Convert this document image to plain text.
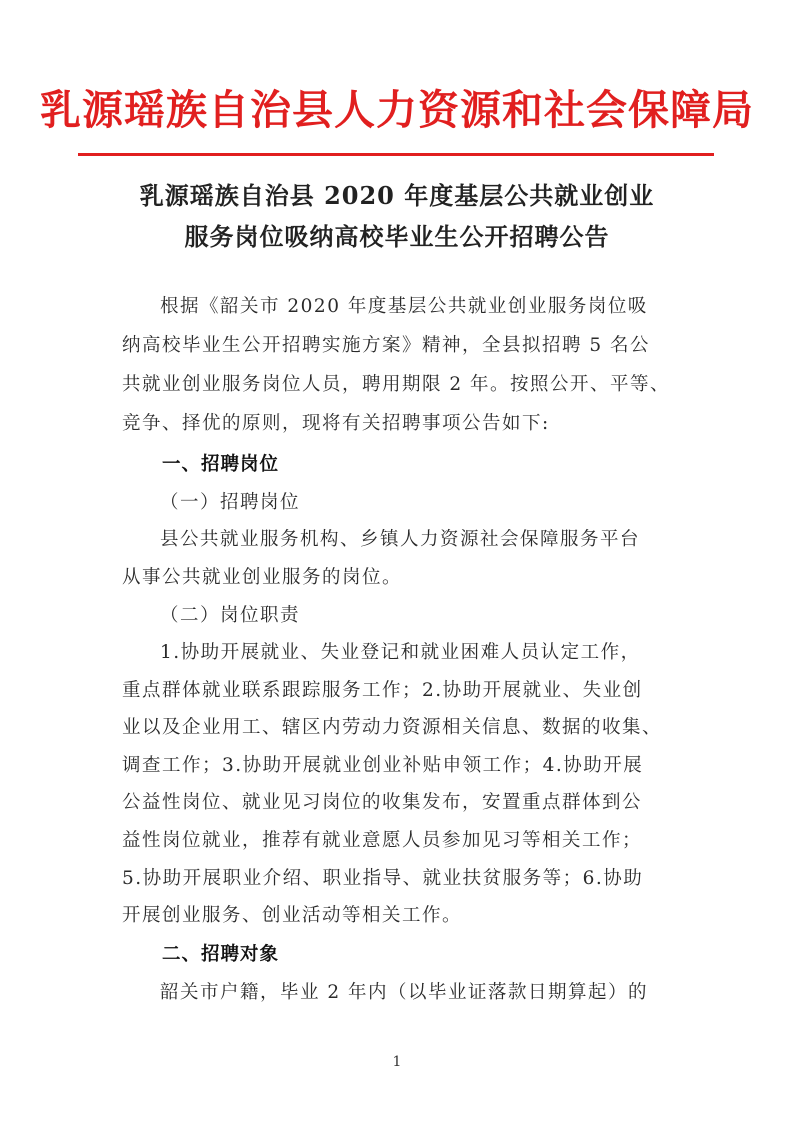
乳源瑶族自治县人力资源和社会保障局
乳源瑶族自治县 2020 年度基层公共就业创业
服务岗位吸纳高校毕业生公开招聘公告
根据《韶关市 2020 年度基层公共就业创业服务岗位吸
纳高校毕业生公开招聘实施方案》精神，全县拟招聘 5 名公
共就业创业服务岗位人员，聘用期限 2 年。按照公开、平等、
竞争、择优的原则，现将有关招聘事项公告如下:
一、招聘岗位
（一）招聘岗位
县公共就业服务机构、乡镇人力资源社会保障服务平台
从事公共就业创业服务的岗位。
（二）岗位职责
1.协助开展就业、失业登记和就业困难人员认定工作，
重点群体就业联系跟踪服务工作；2.协助开展就业、失业创
业以及企业用工、辖区内劳动力资源相关信息、数据的收集、
调查工作；3.协助开展就业创业补贴申领工作；4.协助开展
公益性岗位、就业见习岗位的收集发布，安置重点群体到公
益性岗位就业，推荐有就业意愿人员参加见习等相关工作；
5.协助开展职业介绍、职业指导、就业扶贫服务等；6.协助
开展创业服务、创业活动等相关工作。
二、招聘对象
韶关市户籍，毕业 2 年内（以毕业证落款日期算起）的
1
